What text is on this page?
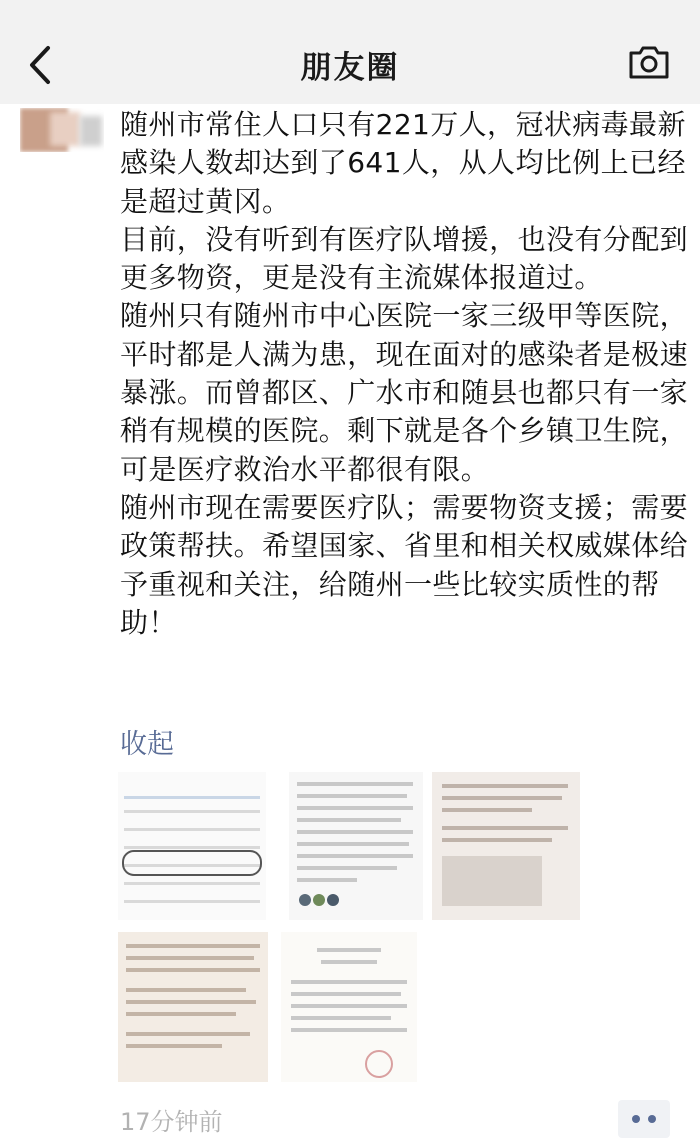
朋友圈

随州市常住人口只有221万人，冠状病毒最新感染人数却达到了641人，从人均比例上已经是超过黄冈。

目前，没有听到有医疗队增援，也没有分配到更多物资，更是没有主流媒体报道过。

随州只有随州市中心医院一家三级甲等医院，平时都是人满为患，现在面对的感染者是极速暴涨。而曾都区、广水市和随县也都只有一家稍有规模的医院。剩下就是各个乡镇卫生院，可是医疗救治水平都很有限。

随州市现在需要医疗队；需要物资支援；需要政策帮扶。希望国家、省里和相关权威媒体给予重视和关注，给随州一些比较实质性的帮助！

收起
17分钟前
